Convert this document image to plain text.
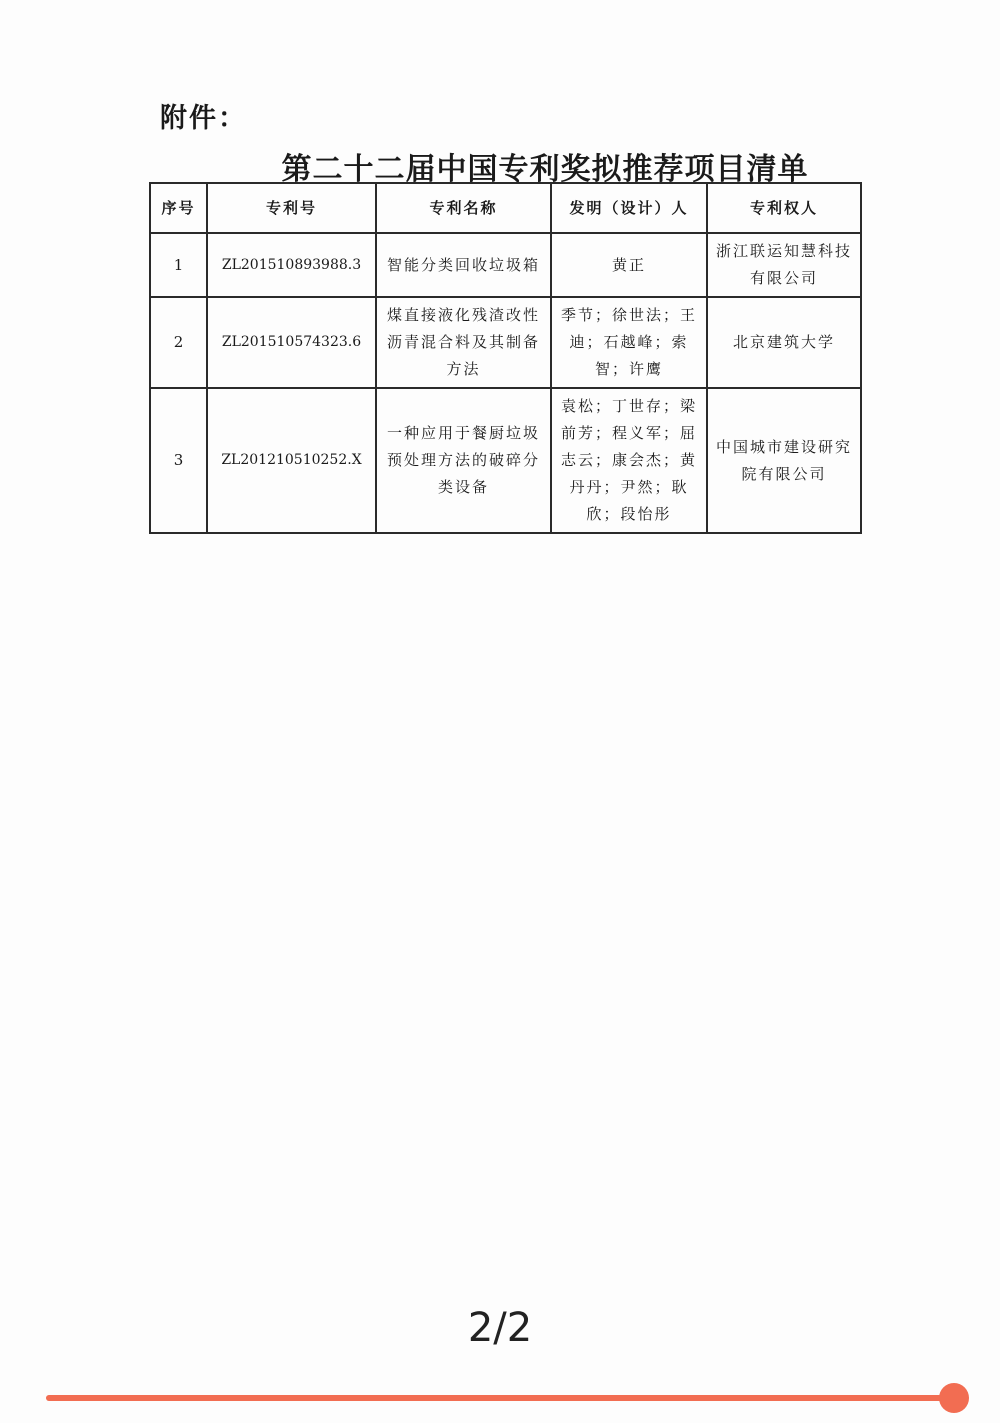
附件：
第二十二届中国专利奖拟推荐项目清单
序号	专利号	专利名称	发明（设计）人	专利权人
1	ZL201510893988.3	智能分类回收垃圾箱	黄正	浙江联运知慧科技有限公司
2	ZL201510574323.6	煤直接液化残渣改性沥青混合料及其制备方法	季节；徐世法；王迪；石越峰；索智；许鹰	北京建筑大学
3	ZL201210510252.X	一种应用于餐厨垃圾预处理方法的破碎分类设备	袁松；丁世存；梁前芳；程义军；屈志云；康会杰；黄丹丹；尹然；耿欣；段怡彤	中国城市建设研究院有限公司
2/2
